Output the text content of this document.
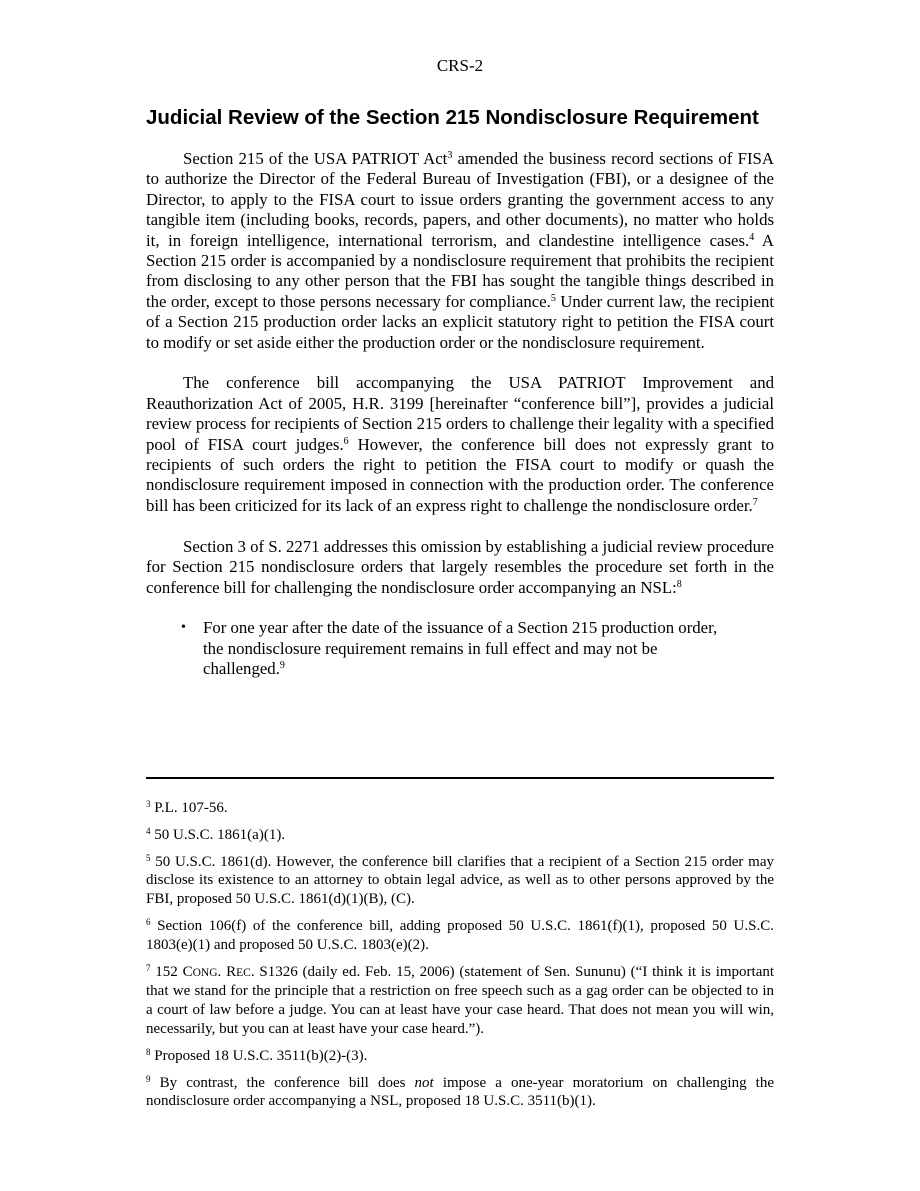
CRS-2
Judicial Review of the Section 215 Nondisclosure Requirement

Section 215 of the USA PATRIOT Act$^3$ amended the business record sections of FISA to authorize the Director of the Federal Bureau of Investigation (FBI), or a designee of the Director, to apply to the FISA court to issue orders granting the government access to any tangible item (including books, records, papers, and other documents), no matter who holds it, in foreign intelligence, international terrorism, and clandestine intelligence cases.$^4$ A Section 215 order is accompanied by a nondisclosure requirement that prohibits the recipient from disclosing to any other person that the FBI has sought the tangible things described in the order, except to those persons necessary for compliance.$^5$ Under current law, the recipient of a Section 215 production order lacks an explicit statutory right to petition the FISA court to modify or set aside either the production order or the nondisclosure requirement.

The conference bill accompanying the USA PATRIOT Improvement and Reauthorization Act of 2005, H.R. 3199 [hereinafter “conference bill”], provides a judicial review process for recipients of Section 215 orders to challenge their legality with a specified pool of FISA court judges.$^6$ However, the conference bill does not expressly grant to recipients of such orders the right to petition the FISA court to modify or quash the nondisclosure requirement imposed in connection with the production order. The conference bill has been criticized for its lack of an express right to challenge the nondisclosure order.$^7$

Section 3 of S. 2271 addresses this omission by establishing a judicial review procedure for Section 215 nondisclosure orders that largely resembles the procedure set forth in the conference bill for challenging the nondisclosure order accompanying an NSL:$^8$

• For one year after the date of the issuance of a Section 215 production order, the nondisclosure requirement remains in full effect and may not be challenged.$^9$

$^3$ P.L. 107-56.

$^4$ 50 U.S.C. 1861(a)(1).

$^5$ 50 U.S.C. 1861(d). However, the conference bill clarifies that a recipient of a Section 215 order may disclose its existence to an attorney to obtain legal advice, as well as to other persons approved by the FBI, proposed 50 U.S.C. 1861(d)(1)(B), (C).

$^6$ Section 106(f) of the conference bill, adding proposed 50 U.S.C. 1861(f)(1), proposed 50 U.S.C. 1803(e)(1) and proposed 50 U.S.C. 1803(e)(2).

$^7$ 152 CONG. REC. S1326 (daily ed. Feb. 15, 2006) (statement of Sen. Sununu) (“I think it is important that we stand for the principle that a restriction on free speech such as a gag order can be objected to in a court of law before a judge. You can at least have your case heard. That does not mean you will win, necessarily, but you can at least have your case heard.”).

$^8$ Proposed 18 U.S.C. 3511(b)(2)-(3).

$^9$ By contrast, the conference bill does not impose a one-year moratorium on challenging the nondisclosure order accompanying a NSL, proposed 18 U.S.C. 3511(b)(1).
